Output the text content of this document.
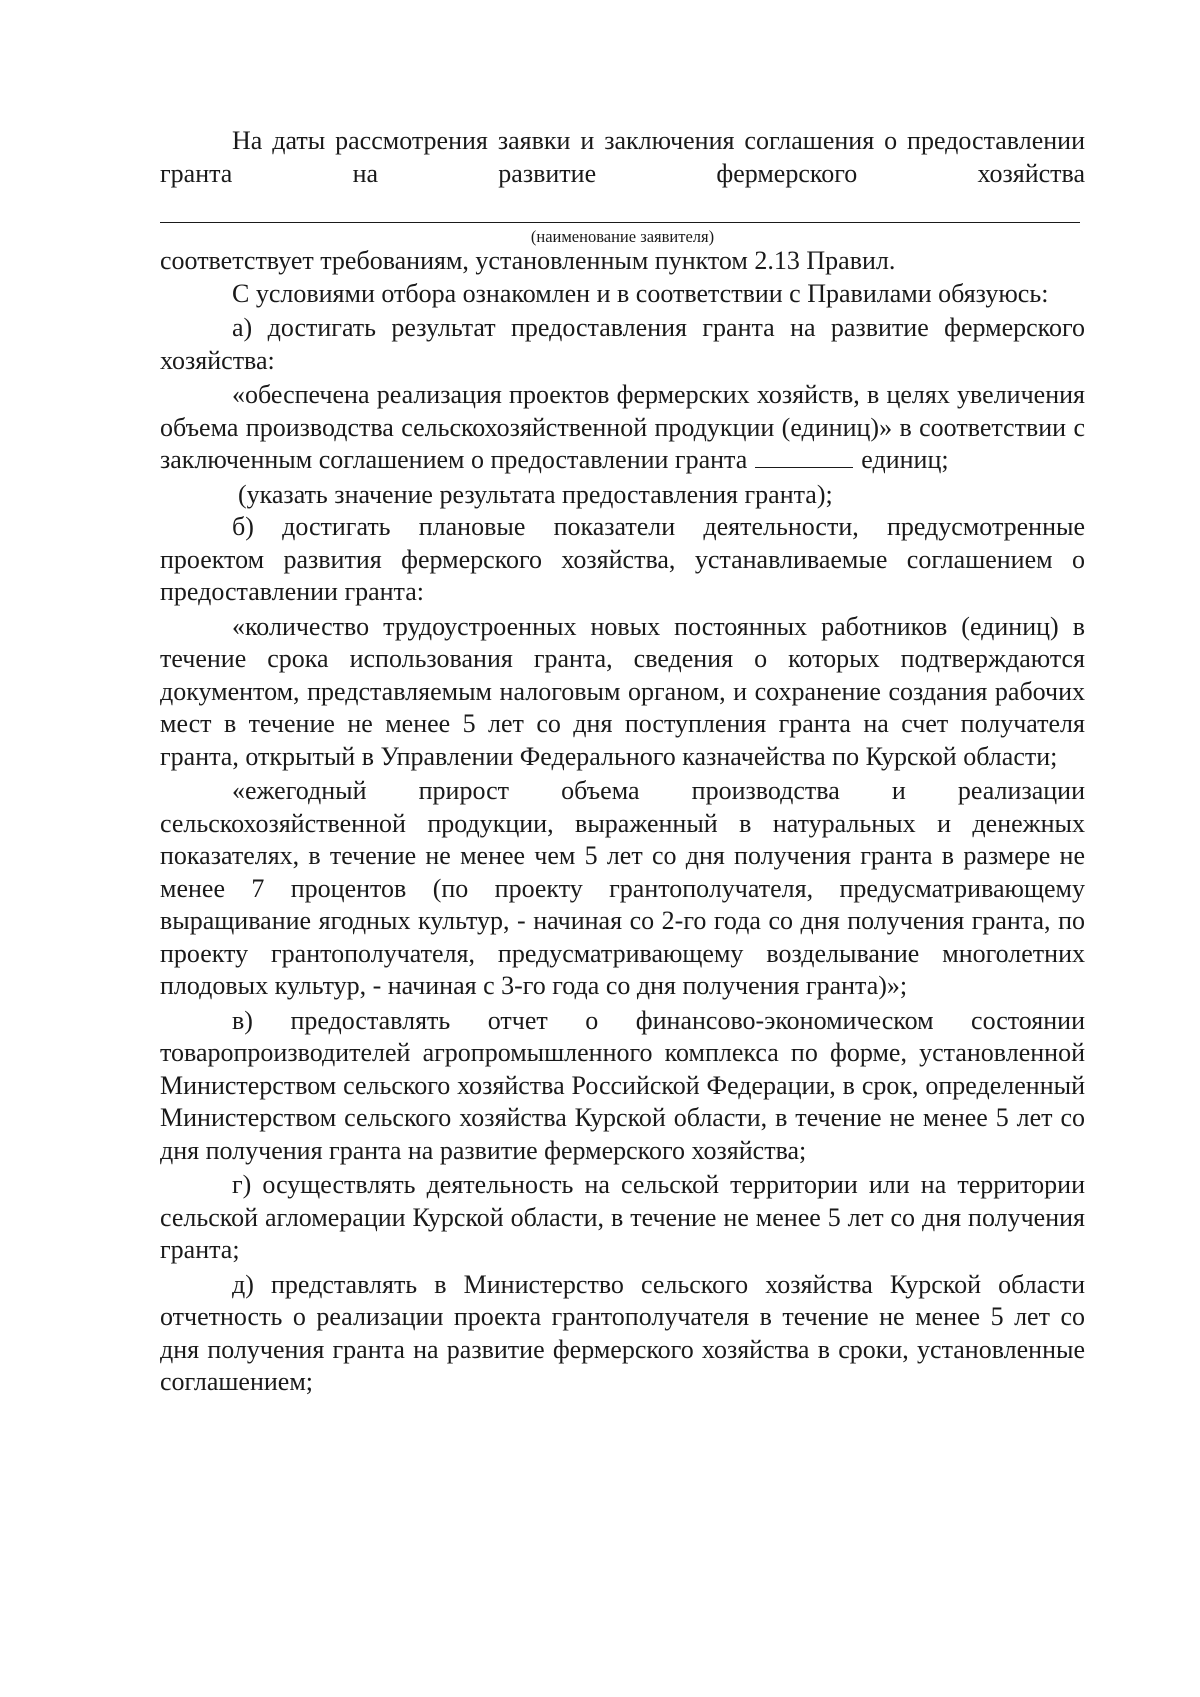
На даты рассмотрения заявки и заключения соглашения о предоставлении гранта на развитие фермерского хозяйства

(наименование заявителя)

соответствует требованиям, установленным пунктом 2.13 Правил.

С условиями отбора ознакомлен и в соответствии с Правилами обязуюсь:

а) достигать результат предоставления гранта на развитие фермерского хозяйства:

«обеспечена реализация проектов фермерских хозяйств, в целях увеличения объема производства сельскохозяйственной продукции (единиц)» в соответствии с заключенным соглашением о предоставлении гранта	единиц;

(указать значение результата предоставления гранта);

б) достигать плановые показатели деятельности, предусмотренные проектом развития фермерского хозяйства, устанавливаемые соглашением о предоставлении гранта:

«количество трудоустроенных новых постоянных работников (единиц) в течение срока использования гранта, сведения о которых подтверждаются документом, представляемым налоговым органом, и сохранение создания рабочих мест в течение не менее 5 лет со дня поступления гранта на счет получателя гранта, открытый в Управлении Федерального казначейства по Курской области;

«ежегодный прирост объема производства и реализации сельскохозяйственной продукции, выраженный в натуральных и денежных показателях, в течение не менее чем 5 лет со дня получения гранта в размере не менее 7 процентов (по проекту грантополучателя, предусматривающему выращивание ягодных культур, - начиная со 2-го года со дня получения гранта, по проекту грантополучателя, предусматривающему возделывание многолетних плодовых культур, - начиная с 3-го года со дня получения гранта)»;

в) предоставлять отчет о финансово-экономическом состоянии товаропроизводителей агропромышленного комплекса по форме, установленной Министерством сельского хозяйства Российской Федерации, в срок, определенный Министерством сельского хозяйства Курской области, в течение не менее 5 лет со дня получения гранта на развитие фермерского хозяйства;

г) осуществлять деятельность на сельской территории или на территории сельской агломерации Курской области, в течение не менее 5 лет со дня получения гранта;

д) представлять в Министерство сельского хозяйства Курской области отчетность о реализации проекта грантополучателя в течение не менее 5 лет со дня получения гранта на развитие фермерского хозяйства в сроки, установленные соглашением;
